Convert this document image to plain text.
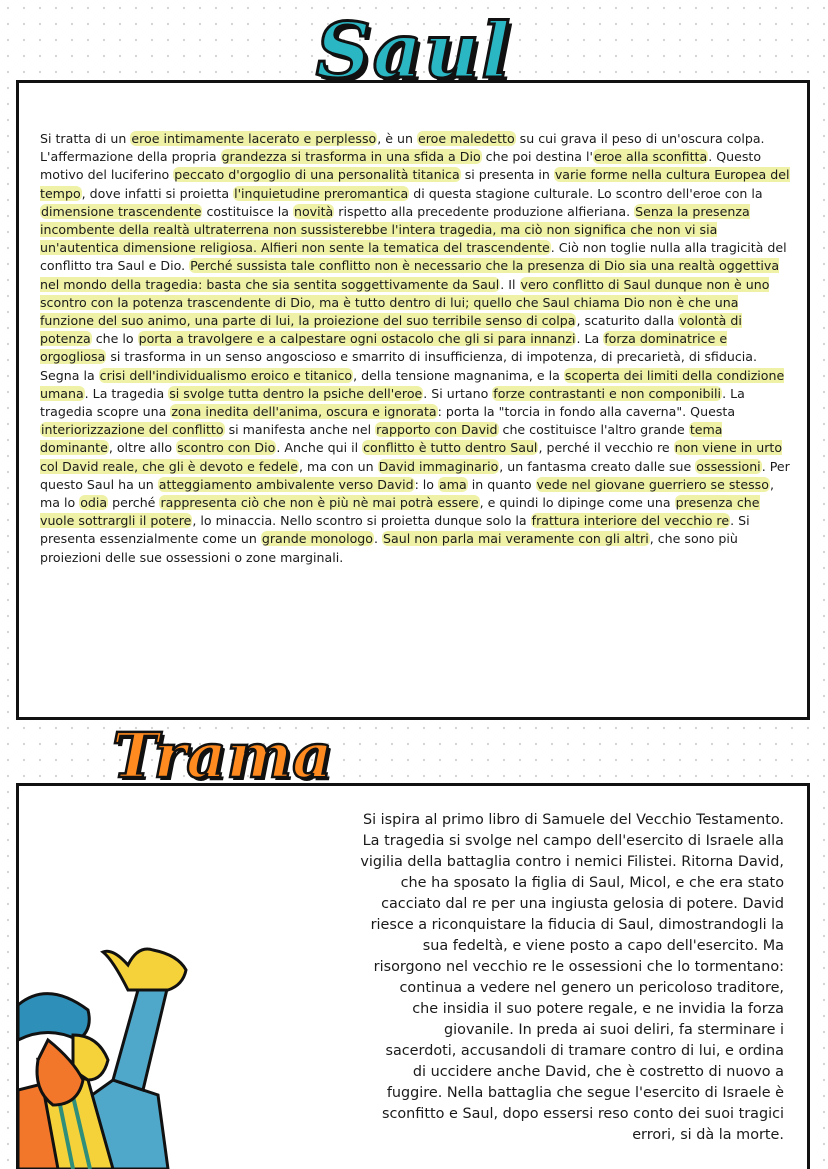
Saul
Si tratta di un eroe intimamente lacerato e perplesso, è un eroe maledetto su cui grava il peso di un'oscura colpa. L'affermazione della propria grandezza si trasforma in una sfida a Dio che poi destina l'eroe alla sconfitta. Questo motivo del luciferino peccato d'orgoglio di una personalità titanica si presenta in varie forme nella cultura Europea del tempo, dove infatti si proietta l'inquietudine preromantica di questa stagione culturale. Lo scontro dell'eroe con la dimensione trascendente costituisce la novità rispetto alla precedente produzione alfieriana. Senza la presenza incombente della realtà ultraterrena non sussisterebbe l'intera tragedia, ma ciò non significa che non vi sia un'autentica dimensione religiosa. Alfieri non sente la tematica del trascendente. Ciò non toglie nulla alla tragicità del conflitto tra Saul e Dio. Perché sussista tale conflitto non è necessario che la presenza di Dio sia una realtà oggettiva nel mondo della tragedia: basta che sia sentita soggettivamente da Saul. Il vero conflitto di Saul dunque non è uno scontro con la potenza trascendente di Dio, ma è tutto dentro di lui; quello che Saul chiama Dio non è che una funzione del suo animo, una parte di lui, la proiezione del suo terribile senso di colpa, scaturito dalla volontà di potenza che lo porta a travolgere e a calpestare ogni ostacolo che gli si para innanzi. La forza dominatrice e orgogliosa si trasforma in un senso angoscioso e smarrito di insufficienza, di impotenza, di precarietà, di sfiducia. Segna la crisi dell'individualismo eroico e titanico, della tensione magnanima, e la scoperta dei limiti della condizione umana. La tragedia si svolge tutta dentro la psiche dell'eroe. Si urtano forze contrastanti e non componibili. La tragedia scopre una zona inedita dell'anima, oscura e ignorata: porta la "torcia in fondo alla caverna". Questa interiorizzazione del conflitto si manifesta anche nel rapporto con David che costituisce l'altro grande tema dominante, oltre allo scontro con Dio. Anche qui il conflitto è tutto dentro Saul, perché il vecchio re non viene in urto col David reale, che gli è devoto e fedele, ma con un David immaginario, un fantasma creato dalle sue ossessioni. Per questo Saul ha un atteggiamento ambivalente verso David: lo ama in quanto vede nel giovane guerriero se stesso, ma lo odia perché rappresenta ciò che non è più nè mai potrà essere, e quindi lo dipinge come una presenza che vuole sottrargli il potere, lo minaccia. Nello scontro si proietta dunque solo la frattura interiore del vecchio re. Si presenta essenzialmente come un grande monologo. Saul non parla mai veramente con gli altri, che sono più proiezioni delle sue ossessioni o zone marginali.
Trama
Si ispira al primo libro di Samuele del Vecchio Testamento.
La tragedia si svolge nel campo dell'esercito di Israele alla
vigilia della battaglia contro i nemici Filistei. Ritorna David,
che ha sposato la figlia di Saul, Micol, e che era stato
cacciato dal re per una ingiusta gelosia di potere. David
riesce a riconquistare la fiducia di Saul, dimostrandogli la
sua fedeltà, e viene posto a capo dell'esercito. Ma
risorgono nel vecchio re le ossessioni che lo tormentano:
continua a vedere nel genero un pericoloso traditore,
che insidia il suo potere regale, e ne invidia la forza
giovanile. In preda ai suoi deliri, fa sterminare i
sacerdoti, accusandoli di tramare contro di lui, e ordina
di uccidere anche David, che è costretto di nuovo a
fuggire. Nella battaglia che segue l'esercito di Israele è
sconfitto e Saul, dopo essersi reso conto dei suoi tragici
errori, si dà la morte.
